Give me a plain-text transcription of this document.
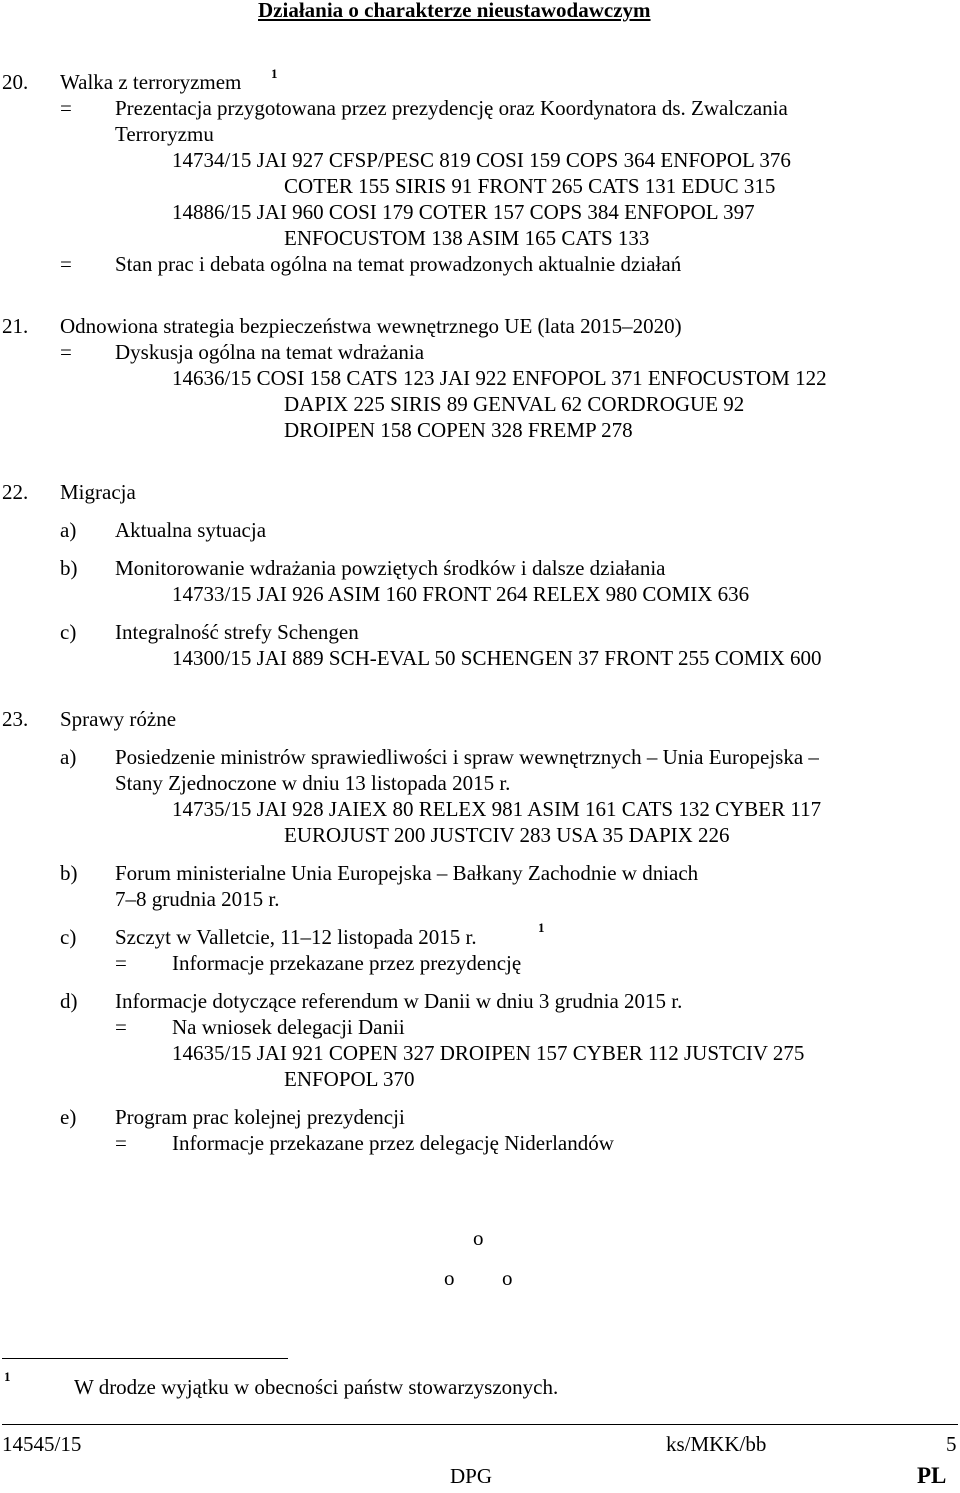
Działania o charakterze nieustawodawczym
20. Walka z terroryzmem 1
= Prezentacja przygotowana przez prezydencję oraz Koordynatora ds. Zwalczania
Terroryzmu
14734/15 JAI 927 CFSP/PESC 819 COSI 159 COPS 364 ENFOPOL 376
COTER 155 SIRIS 91 FRONT 265 CATS 131 EDUC 315
14886/15 JAI 960 COSI 179 COTER 157 COPS 384 ENFOPOL 397
ENFOCUSTOM 138 ASIM 165 CATS 133
= Stan prac i debata ogólna na temat prowadzonych aktualnie działań
21. Odnowiona strategia bezpieczeństwa wewnętrznego UE (lata 2015–2020)
= Dyskusja ogólna na temat wdrażania
14636/15 COSI 158 CATS 123 JAI 922 ENFOPOL 371 ENFOCUSTOM 122
DAPIX 225 SIRIS 89 GENVAL 62 CORDROGUE 92
DROIPEN 158 COPEN 328 FREMP 278
22. Migracja
a) Aktualna sytuacja
b) Monitorowanie wdrażania powziętych środków i dalsze działania
14733/15 JAI 926 ASIM 160 FRONT 264 RELEX 980 COMIX 636
c) Integralność strefy Schengen
14300/15 JAI 889 SCH-EVAL 50 SCHENGEN 37 FRONT 255 COMIX 600
23. Sprawy różne
a) Posiedzenie ministrów sprawiedliwości i spraw wewnętrznych – Unia Europejska –
Stany Zjednoczone w dniu 13 listopada 2015 r.
14735/15 JAI 928 JAIEX 80 RELEX 981 ASIM 161 CATS 132 CYBER 117
EUROJUST 200 JUSTCIV 283 USA 35 DAPIX 226
b) Forum ministerialne Unia Europejska – Bałkany Zachodnie w dniach
7–8 grudnia 2015 r.
c) Szczyt w Valletcie, 11–12 listopada 2015 r.	1
= Informacje przekazane przez prezydencję
d) Informacje dotyczące referendum w Danii w dniu 3 grudnia 2015 r.
= Na wniosek delegacji Danii
14635/15 JAI 921 COPEN 327 DROIPEN 157 CYBER 112 JUSTCIV 275
ENFOPOL 370
e) Program prac kolejnej prezydencji
= Informacje przekazane przez delegację Niderlandów
o
o o
1	W drodze wyjątku w obecności państw stowarzyszonych.
14545/15	ks/MKK/bb	5
DPG	PL
